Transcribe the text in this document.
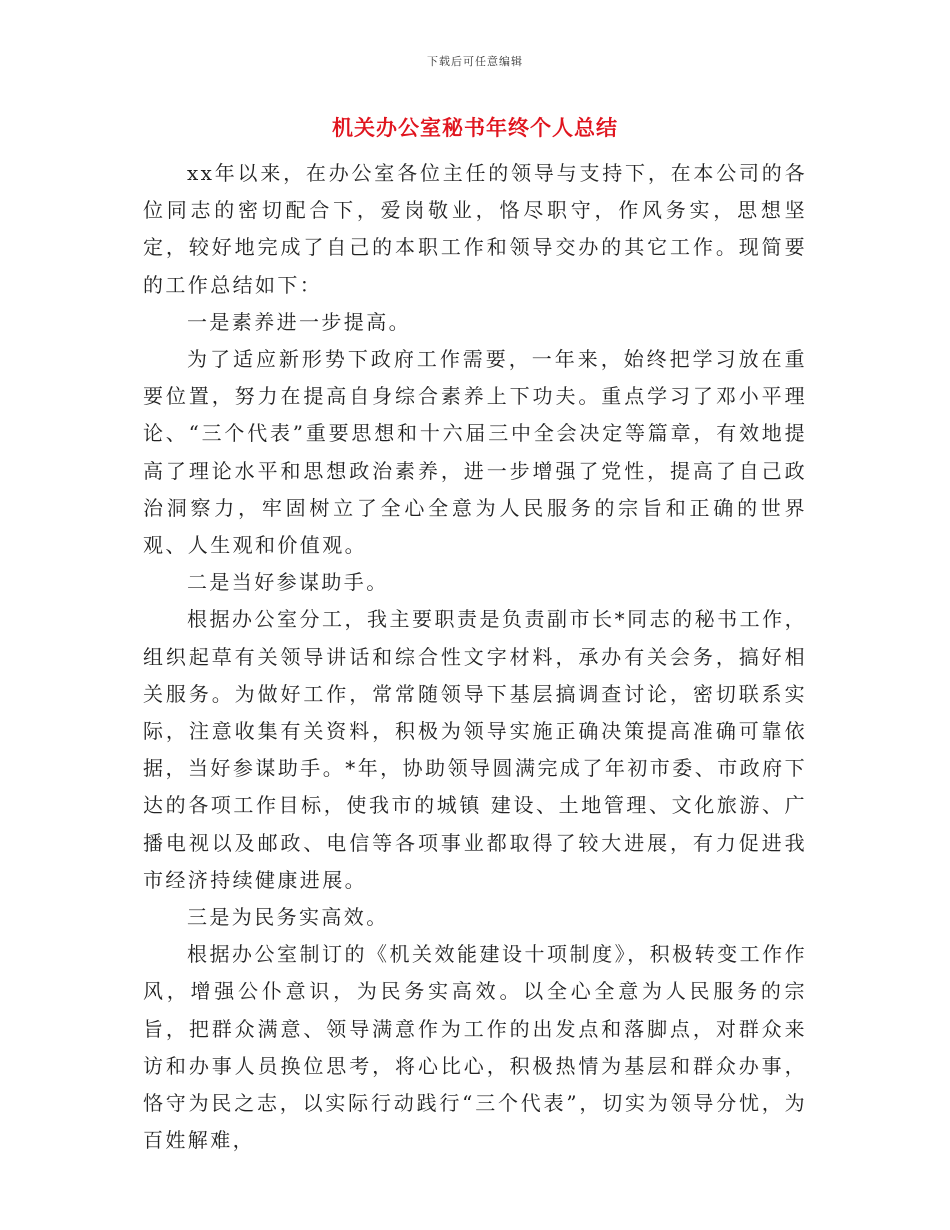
下载后可任意编辑
机关办公室秘书年终个人总结

xx年以来，在办公室各位主任的领导与支持下，在本公司的各位同志的密切配合下，爱岗敬业，恪尽职守，作风务实，思想坚定，较好地完成了自己的本职工作和领导交办的其它工作。现简要的工作总结如下：

一是素养进一步提高。

为了适应新形势下政府工作需要，一年来，始终把学习放在重要位置，努力在提高自身综合素养上下功夫。重点学习了邓小平理论、“三个代表”重要思想和十六届三中全会决定等篇章，有效地提高了理论水平和思想政治素养，进一步增强了党性，提高了自己政治洞察力，牢固树立了全心全意为人民服务的宗旨和正确的世界观、人生观和价值观。

二是当好参谋助手。

根据办公室分工，我主要职责是负责副市长*同志的秘书工作，组织起草有关领导讲话和综合性文字材料，承办有关会务，搞好相关服务。为做好工作，常常随领导下基层搞调查讨论，密切联系实际，注意收集有关资料，积极为领导实施正确决策提高准确可靠依据，当好参谋助手。*年，协助领导圆满完成了年初市委、市政府下达的各项工作目标，使我市的城镇 建设、土地管理、文化旅游、广播电视以及邮政、电信等各项事业都取得了较大进展，有力促进我市经济持续健康进展。

三是为民务实高效。

根据办公室制订的《机关效能建设十项制度》，积极转变工作作风，增强公仆意识，为民务实高效。以全心全意为人民服务的宗旨，把群众满意、领导满意作为工作的出发点和落脚点，对群众来访和办事人员换位思考，将心比心，积极热情为基层和群众办事，恪守为民之志，以实际行动践行“三个代表”，切实为领导分忧，为百姓解难，
